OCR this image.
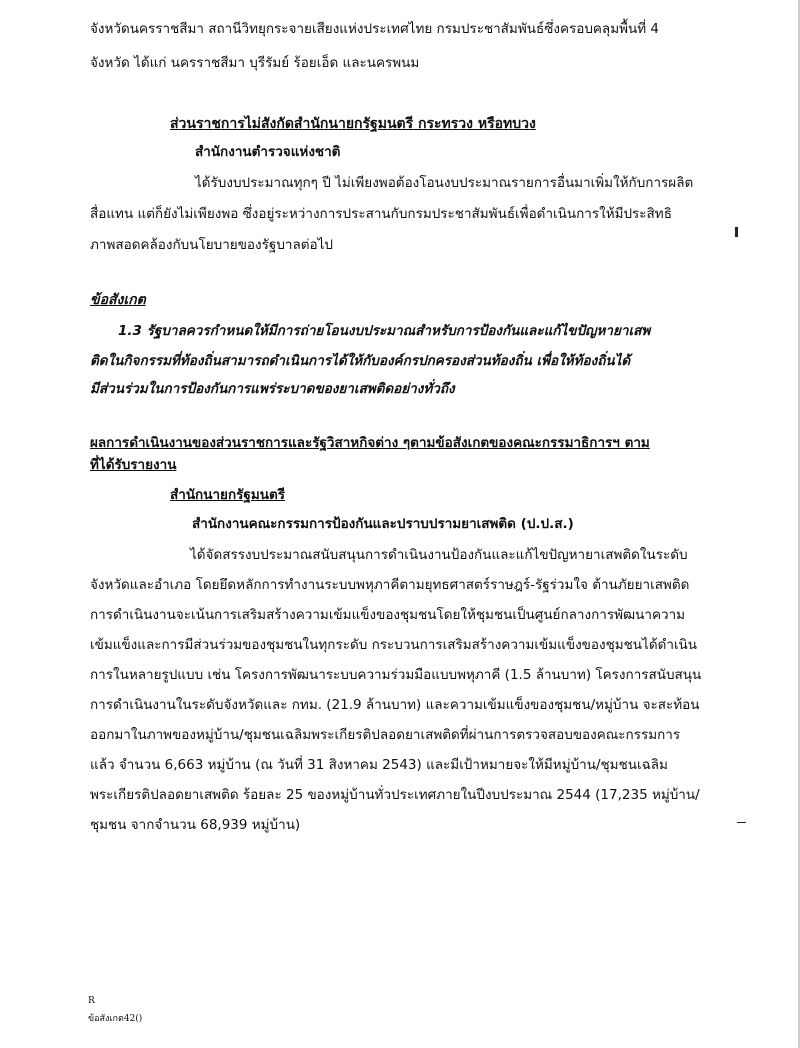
จังหวัดนครราชสีมา สถานีวิทยุกระจายเสียงแห่งประเทศไทย กรมประชาสัมพันธ์ซึ่งครอบคลุมพื้นที่ 4
จังหวัด ได้แก่ นครราชสีมา บุรีรัมย์ ร้อยเอ็ด และนครพนม
ส่วนราชการไม่สังกัดสำนักนายกรัฐมนตรี กระทรวง หรือทบวง
สำนักงานตำรวจแห่งชาติ
ได้รับงบประมาณทุกๆ ปี ไม่เพียงพอต้องโอนงบประมาณรายการอื่นมาเพิ่มให้กับการผลิต
สื่อแทน แต่ก็ยังไม่เพียงพอ ซึ่งอยู่ระหว่างการประสานกับกรมประชาสัมพันธ์เพื่อดำเนินการให้มีประสิทธิ
ภาพสอดคล้องกับนโยบายของรัฐบาลต่อไป
ข้อสังเกต
1.3 รัฐบาลควรกำหนดให้มีการถ่ายโอนงบประมาณสำหรับการป้องกันและแก้ไขปัญหายาเสพ
ติดในกิจกรรมที่ท้องถิ่นสามารถดำเนินการได้ให้กับองค์กรปกครองส่วนท้องถิ่น เพื่อให้ท้องถิ่นได้
มีส่วนร่วมในการป้องกันการแพร่ระบาดของยาเสพติดอย่างทั่วถึง
ผลการดำเนินงานของส่วนราชการและรัฐวิสาหกิจต่าง ๆตามข้อสังเกตของคณะกรรมาธิการฯ ตาม
ที่ได้รับรายงาน
สำนักนายกรัฐมนตรี
สำนักงานคณะกรรมการป้องกันและปราบปรามยาเสพติด (ป.ป.ส.)
ได้จัดสรรงบประมาณสนับสนุนการดำเนินงานป้องกันและแก้ไขปัญหายาเสพติดในระดับ
จังหวัดและอำเภอ โดยยึดหลักการทำงานระบบพหุภาคีตามยุทธศาสตร์ราษฎร์-รัฐร่วมใจ ต้านภัยยาเสพติด
การดำเนินงานจะเน้นการเสริมสร้างความเข้มแข็งของชุมชนโดยให้ชุมชนเป็นศูนย์กลางการพัฒนาความ
เข้มแข็งและการมีส่วนร่วมของชุมชนในทุกระดับ กระบวนการเสริมสร้างความเข้มแข็งของชุมชนได้ดำเนิน
การในหลายรูปแบบ เช่น โครงการพัฒนาระบบความร่วมมือแบบพหุภาคี (1.5 ล้านบาท) โครงการสนับสนุน
การดำเนินงานในระดับจังหวัดและ กทม. (21.9 ล้านบาท) และความเข้มแข็งของชุมชน/หมู่บ้าน จะสะท้อน
ออกมาในภาพของหมู่บ้าน/ชุมชนเฉลิมพระเกียรติปลอดยาเสพติดที่ผ่านการตรวจสอบของคณะกรรมการ
แล้ว จำนวน 6,663 หมู่บ้าน (ณ วันที่ 31 สิงหาคม 2543) และมีเป้าหมายจะให้มีหมู่บ้าน/ชุมชนเฉลิม
พระเกียรติปลอดยาเสพติด ร้อยละ 25 ของหมู่บ้านทั่วประเทศภายในปีงบประมาณ 2544 (17,235 หมู่บ้าน/
ชุมชน จากจำนวน 68,939 หมู่บ้าน)
R
ข้อสังเกต42()
